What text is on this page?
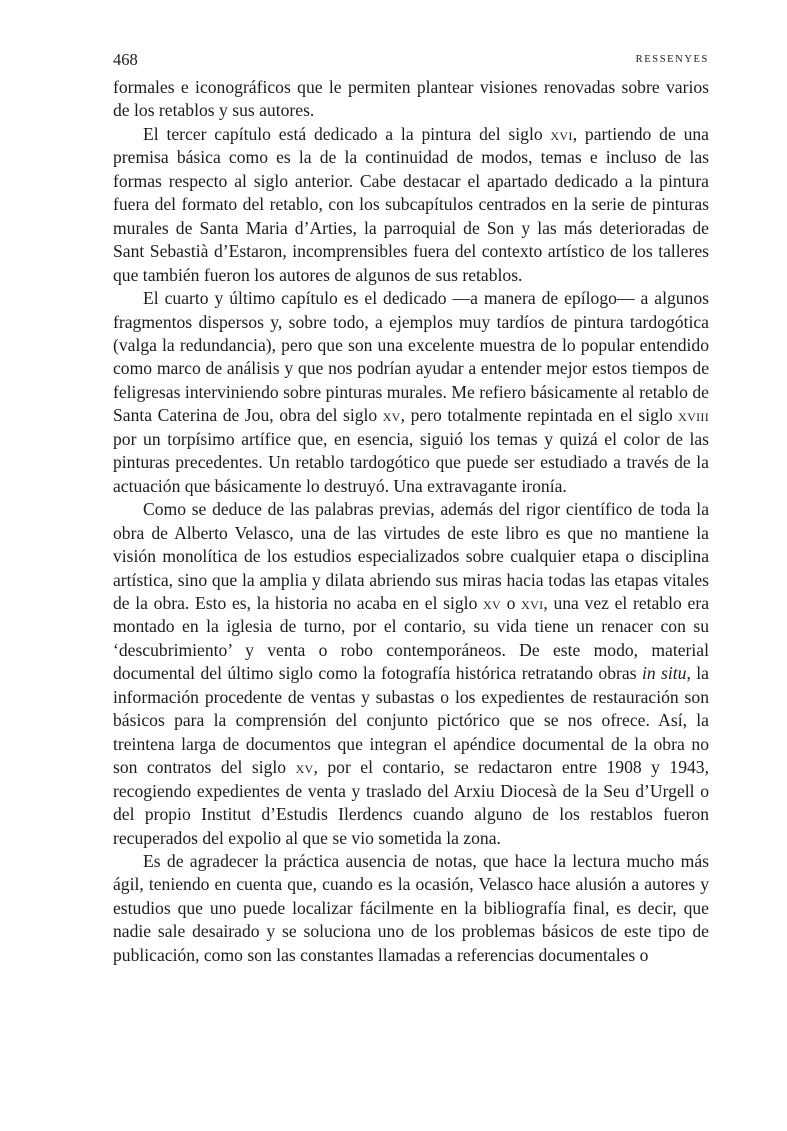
468	RESSENYES

formales e iconográficos que le permiten plantear visiones renovadas sobre varios de los retablos y sus autores.

El tercer capítulo está dedicado a la pintura del siglo xvi, partiendo de una premisa básica como es la de la continuidad de modos, temas e incluso de las formas respecto al siglo anterior. Cabe destacar el apartado dedicado a la pintura fuera del formato del retablo, con los subcapítulos centrados en la serie de pinturas murales de Santa Maria d’Arties, la parroquial de Son y las más deterioradas de Sant Sebastià d’Estaron, incomprensibles fuera del contexto artístico de los talleres que también fueron los autores de algunos de sus retablos.

El cuarto y último capítulo es el dedicado —a manera de epílogo— a algunos fragmentos dispersos y, sobre todo, a ejemplos muy tardíos de pintura tardogótica (valga la redundancia), pero que son una excelente muestra de lo popular entendido como marco de análisis y que nos podrían ayudar a entender mejor estos tiempos de feligresas interviniendo sobre pinturas murales. Me refiero básicamente al retablo de Santa Caterina de Jou, obra del siglo xv, pero totalmente repintada en el siglo xviii por un torpísimo artífice que, en esencia, siguió los temas y quizá el color de las pinturas precedentes. Un retablo tardogótico que puede ser estudiado a través de la actuación que básicamente lo destruyó. Una extravagante ironía.

Como se deduce de las palabras previas, además del rigor científico de toda la obra de Alberto Velasco, una de las virtudes de este libro es que no mantiene la visión monolítica de los estudios especializados sobre cualquier etapa o disciplina artística, sino que la amplia y dilata abriendo sus miras hacia todas las etapas vitales de la obra. Esto es, la historia no acaba en el siglo xv o xvi, una vez el retablo era montado en la iglesia de turno, por el contario, su vida tiene un renacer con su ‘descubrimiento’ y venta o robo contemporáneos. De este modo, material documental del último siglo como la fotografía histórica retratando obras in situ, la información procedente de ventas y subastas o los expedientes de restauración son básicos para la comprensión del conjunto pictórico que se nos ofrece. Así, la treintena larga de documentos que integran el apéndice documental de la obra no son contratos del siglo xv, por el contario, se redactaron entre 1908 y 1943, recogiendo expedientes de venta y traslado del Arxiu Diocesà de la Seu d’Urgell o del propio Institut d’Estudis Ilerdencs cuando alguno de los restablos fueron recuperados del expolio al que se vio sometida la zona.

Es de agradecer la práctica ausencia de notas, que hace la lectura mucho más ágil, teniendo en cuenta que, cuando es la ocasión, Velasco hace alusión a autores y estudios que uno puede localizar fácilmente en la bibliografía final, es decir, que nadie sale desairado y se soluciona uno de los problemas básicos de este tipo de publicación, como son las constantes llamadas a referencias documentales o
